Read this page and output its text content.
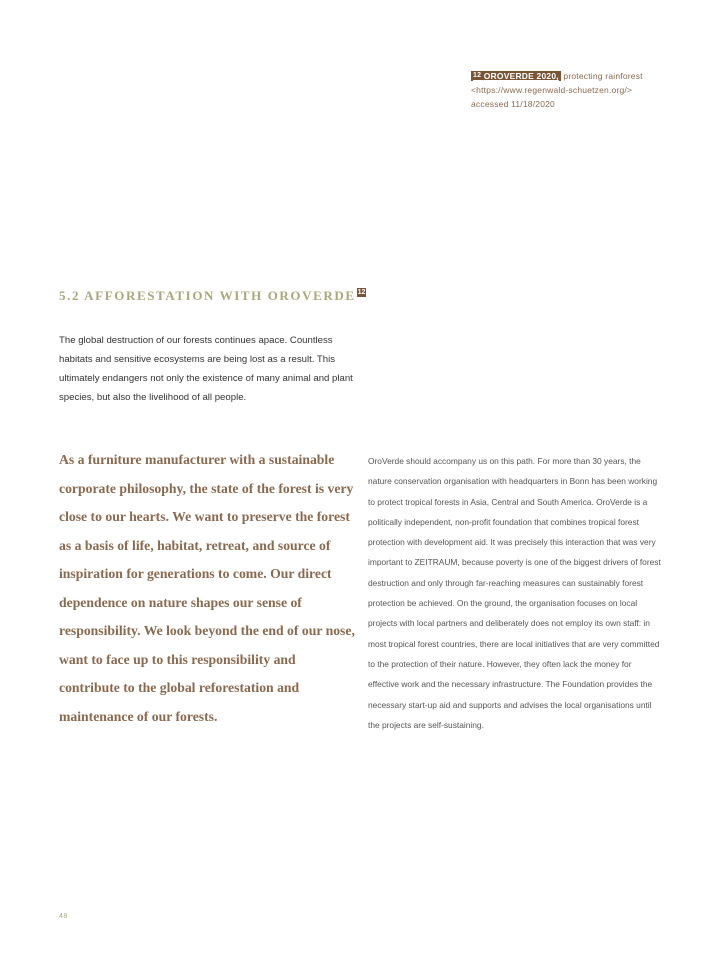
$^{12}$ OROVERDE 2020, protecting rainforest
<https://www.regenwald-schuetzen.org/>
accessed 11/18/2020
5.2 AFFORESTATION WITH OROVERDE 12

The global destruction of our forests continues apace. Countless habitats and sensitive ecosystems are being lost as a result. This ultimately endangers not only the existence of many animal and plant species, but also the livelihood of all people.

As a furniture manufacturer with a sustainable corporate philosophy, the state of the forest is very close to our hearts. We want to preserve the forest as a basis of life, habitat, retreat, and source of inspiration for generations to come. Our direct dependence on nature shapes our sense of responsibility. We look beyond the end of our nose, want to face up to this responsibility and contribute to the global reforestation and maintenance of our forests.

OroVerde should accompany us on this path. For more than 30 years, the nature conservation organisation with headquarters in Bonn has been working to protect tropical forests in Asia, Central and South America. OroVerde is a politically independent, non-profit foundation that combines tropical forest protection with development aid. It was precisely this interaction that was very important to ZEITRAUM, because poverty is one of the biggest drivers of forest destruction and only through far-reaching measures can sustainably forest protection be achieved. On the ground, the organisation focuses on local projects with local partners and deliberately does not employ its own staff: in most tropical forest countries, there are local initiatives that are very committed to the protection of their nature. However, they often lack the money for effective work and the necessary infrastructure. The Foundation provides the necessary start-up aid and supports and advises the local organisations until the projects are self-sustaining.

48
